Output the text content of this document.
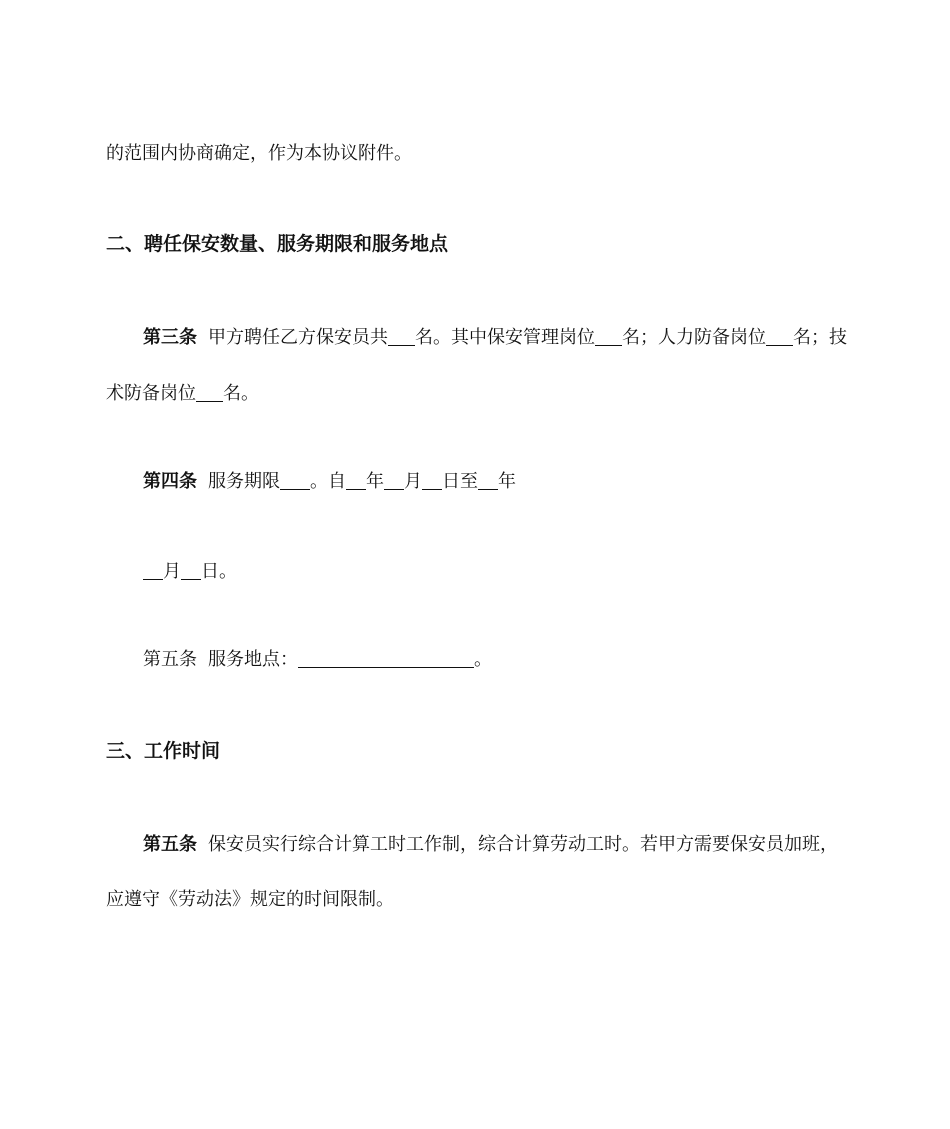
的范围内协商确定，作为本协议附件。

二、聘任保安数量、服务期限和服务地点

第三条 甲方聘任乙方保安员共 名。其中保安管理岗位 名；人力防备岗位 名；技

术防备岗位 名。

第四条 服务期限 。自 年 月 日至 年

月 日。

第五条 服务地点：	。

三、工作时间

第五条 保安员实行综合计算工时工作制，综合计算劳动工时。若甲方需要保安员加班，

应遵守《劳动法》规定的时间限制。
